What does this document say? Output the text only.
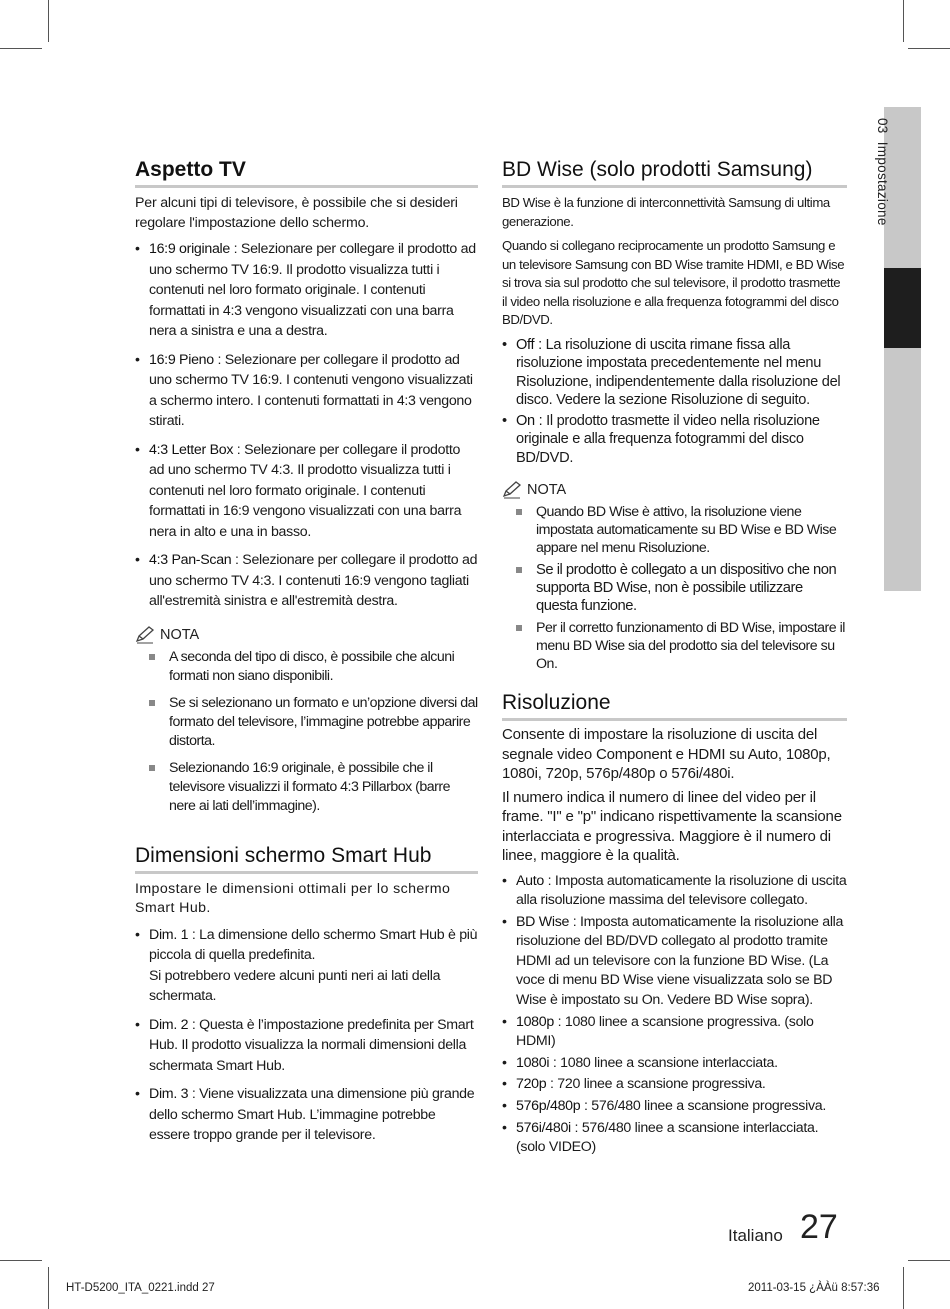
03  Impostazione
Aspetto TV

Per alcuni tipi di televisore, è possibile che si desideri regolare l'impostazione dello schermo.

• 16:9 originale : Selezionare per collegare il prodotto ad uno schermo TV 16:9. Il prodotto visualizza tutti i contenuti nel loro formato originale. I contenuti formattati in 4:3 vengono visualizzati con una barra nera a sinistra e una a destra.
• 16:9 Pieno : Selezionare per collegare il prodotto ad uno schermo TV 16:9. I contenuti vengono visualizzati a schermo intero. I contenuti formattati in 4:3 vengono stirati.
• 4:3 Letter Box : Selezionare per collegare il prodotto ad uno schermo TV 4:3. Il prodotto visualizza tutti i contenuti nel loro formato originale. I contenuti formattati in 16:9 vengono visualizzati con una barra nera in alto e una in basso.
• 4:3 Pan-Scan : Selezionare per collegare il prodotto ad uno schermo TV 4:3. I contenuti 16:9 vengono tagliati all'estremità sinistra e all'estremità destra.
NOTA
A seconda del tipo di disco, è possibile che alcuni formati non siano disponibili.
Se si selezionano un formato e un’opzione diversi dal formato del televisore, l’immagine potrebbe apparire distorta.
Selezionando 16:9 originale, è possibile che il televisore visualizzi il formato 4:3 Pillarbox (barre nere ai lati dell’immagine).
Dimensioni schermo Smart Hub

Impostare le dimensioni ottimali per lo schermo Smart Hub.

• Dim. 1 : La dimensione dello schermo Smart Hub è più piccola di quella predefinita.
Si potrebbero vedere alcuni punti neri ai lati della schermata.
• Dim. 2 : Questa è l’impostazione predefinita per Smart Hub. Il prodotto visualizza la normali dimensioni della schermata Smart Hub.
• Dim. 3 : Viene visualizzata una dimensione più grande dello schermo Smart Hub. L’immagine potrebbe essere troppo grande per il televisore.
BD Wise (solo prodotti Samsung)

BD Wise è la funzione di interconnettività Samsung di ultima generazione.

Quando si collegano reciprocamente un prodotto Samsung e un televisore Samsung con BD Wise tramite HDMI, e BD Wise si trova sia sul prodotto che sul televisore, il prodotto trasmette il video nella risoluzione e alla frequenza fotogrammi del disco BD/DVD.

• Off : La risoluzione di uscita rimane fissa alla risoluzione impostata precedentemente nel menu Risoluzione, indipendentemente dalla risoluzione del disco. Vedere la sezione Risoluzione di seguito.
• On : Il prodotto trasmette il video nella risoluzione originale e alla frequenza fotogrammi del disco BD/DVD.
NOTA
Quando BD Wise è attivo, la risoluzione viene impostata automaticamente su BD Wise e BD Wise appare nel menu Risoluzione.
Se il prodotto è collegato a un dispositivo che non supporta BD Wise, non è possibile utilizzare questa funzione.
Per il corretto funzionamento di BD Wise, impostare il menu BD Wise sia del prodotto sia del televisore su On.
Risoluzione

Consente di impostare la risoluzione di uscita del segnale video Component e HDMI su Auto, 1080p, 1080i, 720p, 576p/480p o 576i/480i.

Il numero indica il numero di linee del video per il frame. "I" e "p" indicano rispettivamente la scansione interlacciata e progressiva. Maggiore è il numero di linee, maggiore è la qualità.

• Auto : Imposta automaticamente la risoluzione di uscita alla risoluzione massima del televisore collegato.
• BD Wise : Imposta automaticamente la risoluzione alla risoluzione del BD/DVD collegato al prodotto tramite HDMI ad un televisore con la funzione BD Wise. (La voce di menu BD Wise viene visualizzata solo se BD Wise è impostato su On. Vedere BD Wise sopra).
• 1080p : 1080 linee a scansione progressiva. (solo HDMI)
• 1080i : 1080 linee a scansione interlacciata.
• 720p : 720 linee a scansione progressiva.
• 576p/480p : 576/480 linee a scansione progressiva.
• 576i/480i : 576/480 linee a scansione interlacciata. (solo VIDEO)
Italiano 27
HT-D5200_ITA_0221.indd 27	2011-03-15 ¿ÀÀü 8:57:36
